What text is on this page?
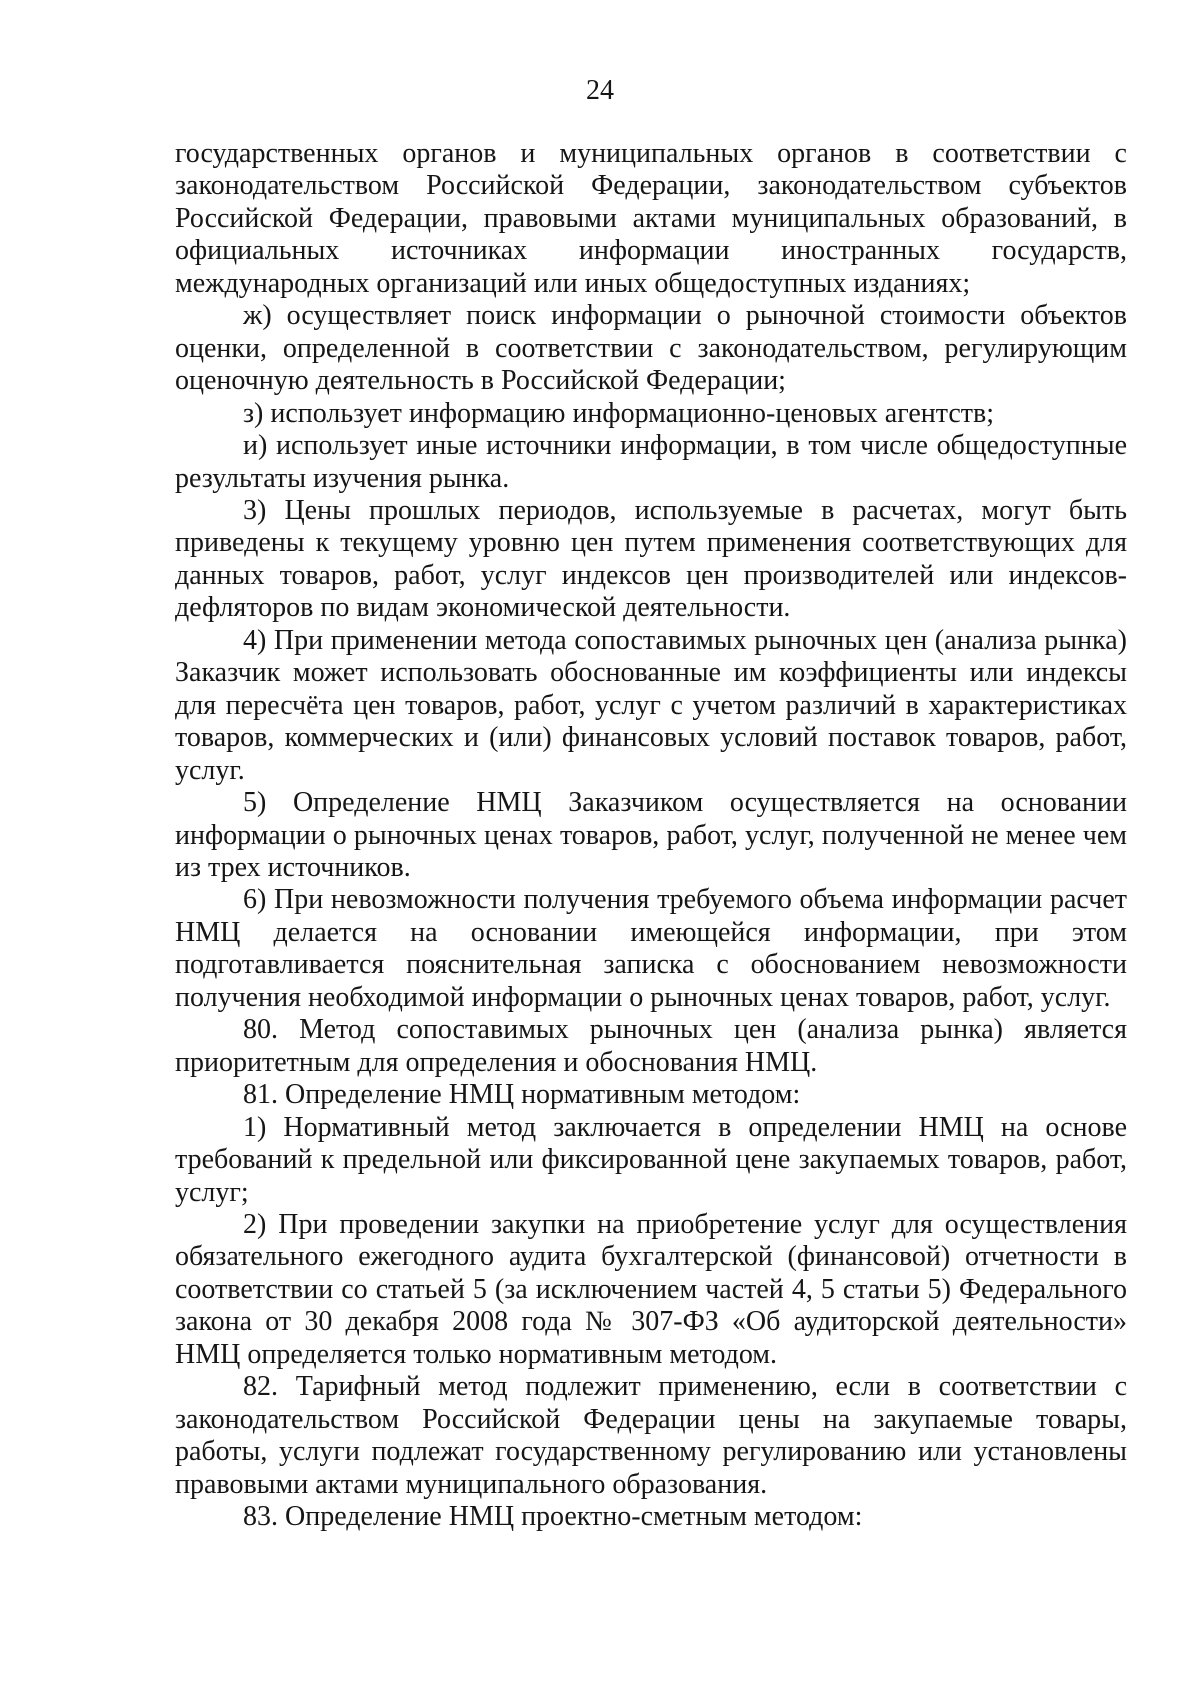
24

государственных органов и муниципальных органов в соответствии с законодательством Российской Федерации, законодательством субъектов Российской Федерации, правовыми актами муниципальных образований, в официальных источниках информации иностранных государств, международных организаций или иных общедоступных изданиях;

ж) осуществляет поиск информации о рыночной стоимости объектов оценки, определенной в соответствии с законодательством, регулирующим оценочную деятельность в Российской Федерации;

з) использует информацию информационно-ценовых агентств;

и) использует иные источники информации, в том числе общедоступные результаты изучения рынка.

3) Цены прошлых периодов, используемые в расчетах, могут быть приведены к текущему уровню цен путем применения соответствующих для данных товаров, работ, услуг индексов цен производителей или индексов-дефляторов по видам экономической деятельности.

4) При применении метода сопоставимых рыночных цен (анализа рынка) Заказчик может использовать обоснованные им коэффициенты или индексы для пересчёта цен товаров, работ, услуг с учетом различий в характеристиках товаров, коммерческих и (или) финансовых условий поставок товаров, работ, услуг.

5) Определение НМЦ Заказчиком осуществляется на основании информации о рыночных ценах товаров, работ, услуг, полученной не менее чем из трех источников.

6) При невозможности получения требуемого объема информации расчет НМЦ делается на основании имеющейся информации, при этом подготавливается пояснительная записка с обоснованием невозможности получения необходимой информации о рыночных ценах товаров, работ, услуг.

80. Метод сопоставимых рыночных цен (анализа рынка) является приоритетным для определения и обоснования НМЦ.

81. Определение НМЦ нормативным методом:

1) Нормативный метод заключается в определении НМЦ на основе требований к предельной или фиксированной цене закупаемых товаров, работ, услуг;

2) При проведении закупки на приобретение услуг для осуществления обязательного ежегодного аудита бухгалтерской (финансовой) отчетности в соответствии со статьей 5 (за исключением частей 4, 5 статьи 5) Федерального закона от 30 декабря 2008 года № 307-ФЗ «Об аудиторской деятельности» НМЦ определяется только нормативным методом.

82. Тарифный метод подлежит применению, если в соответствии с законодательством Российской Федерации цены на закупаемые товары, работы, услуги подлежат государственному регулированию или установлены правовыми актами муниципального образования.

83. Определение НМЦ проектно-сметным методом:
